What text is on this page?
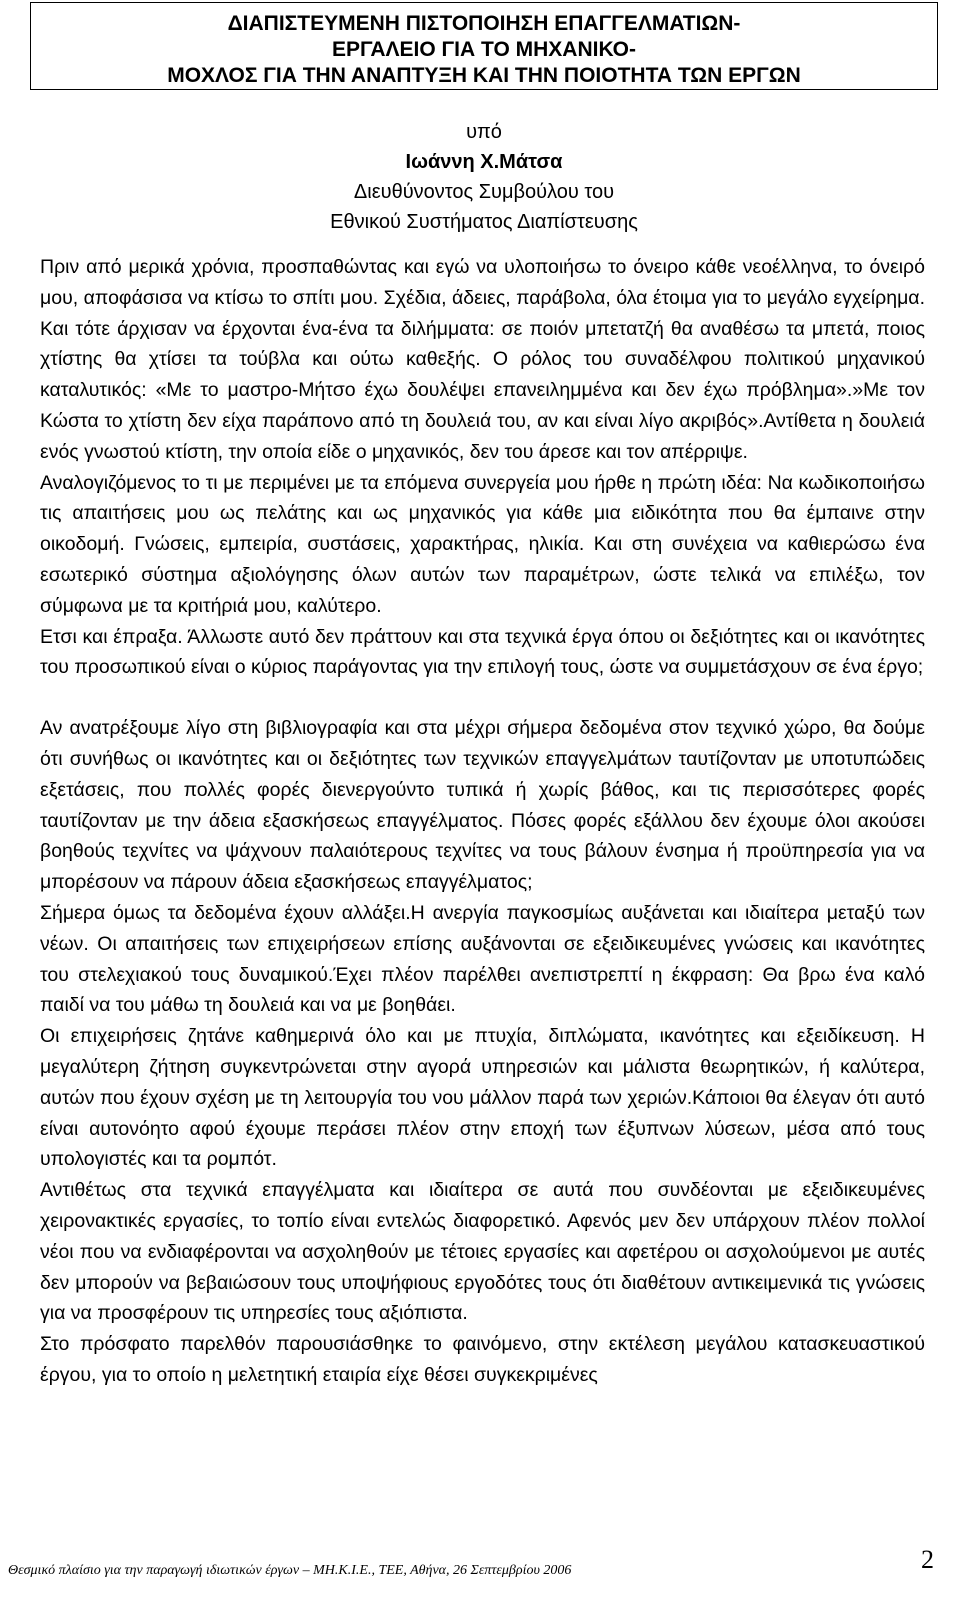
ΔΙΑΠΙΣΤΕΥΜΕΝΗ ΠΙΣΤΟΠΟΙΗΣΗ ΕΠΑΓΓΕΛΜΑΤΙΩΝ-
ΕΡΓΑΛΕΙΟ ΓΙΑ ΤΟ ΜΗΧΑΝΙΚΟ-
ΜΟΧΛΟΣ ΓΙΑ ΤΗΝ ΑΝΑΠΤΥΞΗ ΚΑΙ ΤΗΝ ΠΟΙΟΤΗΤΑ ΤΩΝ ΕΡΓΩΝ
υπό
Ιωάννη Χ.Μάτσα
Διευθύνοντος Συμβούλου του
Εθνικού Συστήματος Διαπίστευσης

Πριν από μερικά χρόνια, προσπαθώντας και εγώ να υλοποιήσω το όνειρο κάθε νεοέλληνα, το όνειρό μου, αποφάσισα να κτίσω το σπίτι μου. Σχέδια, άδειες, παράβολα, όλα έτοιμα για το μεγάλο εγχείρημα. Και τότε άρχισαν να έρχονται ένα-ένα τα διλήμματα: σε ποιόν μπετατζή θα αναθέσω τα μπετά, ποιος χτίστης θα χτίσει τα τούβλα και ούτω καθεξής. Ο ρόλος του συναδέλφου πολιτικού μηχανικού καταλυτικός: «Με το μαστρο-Μήτσο έχω δουλέψει επανειλημμένα και δεν έχω πρόβλημα».»Με τον Κώστα το χτίστη δεν είχα παράπονο από τη δουλειά του, αν και είναι λίγο ακριβός».Αντίθετα η δουλειά ενός γνωστού κτίστη, την οποία είδε ο μηχανικός, δεν του άρεσε και τον απέρριψε.

Αναλογιζόμενος το τι με περιμένει με τα επόμενα συνεργεία μου ήρθε η πρώτη ιδέα: Να κωδικοποιήσω τις απαιτήσεις μου ως πελάτης και ως μηχανικός για κάθε μια ειδικότητα που θα έμπαινε στην οικοδομή. Γνώσεις, εμπειρία, συστάσεις, χαρακτήρας, ηλικία. Και στη συνέχεια να καθιερώσω ένα εσωτερικό σύστημα αξιολόγησης όλων αυτών των παραμέτρων, ώστε τελικά να επιλέξω, τον σύμφωνα με τα κριτήριά μου, καλύτερο.

Ετσι και έπραξα. Άλλωστε αυτό δεν πράττουν και στα τεχνικά έργα όπου οι δεξιότητες και οι ικανότητες του προσωπικού είναι ο κύριος παράγοντας για την επιλογή τους, ώστε να συμμετάσχουν σε ένα έργο;

Αν ανατρέξουμε λίγο στη βιβλιογραφία και στα μέχρι σήμερα δεδομένα στον τεχνικό χώρο, θα δούμε ότι συνήθως οι ικανότητες και οι δεξιότητες των τεχνικών επαγγελμάτων ταυτίζονταν με υποτυπώδεις εξετάσεις, που πολλές φορές διενεργούντο τυπικά ή χωρίς βάθος, και τις περισσότερες φορές ταυτίζονταν με την άδεια εξασκήσεως επαγγέλματος. Πόσες φορές εξάλλου δεν έχουμε όλοι ακούσει βοηθούς τεχνίτες να ψάχνουν παλαιότερους τεχνίτες να τους βάλουν ένσημα ή προϋπηρεσία για να μπορέσουν να πάρουν άδεια εξασκήσεως επαγγέλματος;

Σήμερα όμως τα δεδομένα έχουν αλλάξει.Η ανεργία παγκοσμίως αυξάνεται και ιδιαίτερα μεταξύ των νέων. Οι απαιτήσεις των επιχειρήσεων επίσης αυξάνονται σε εξειδικευμένες γνώσεις και ικανότητες του στελεχιακού τους δυναμικού.Έχει πλέον παρέλθει ανεπιστρεπτί η έκφραση: Θα βρω ένα καλό παιδί να του μάθω τη δουλειά και να με βοηθάει.

Οι επιχειρήσεις ζητάνε καθημερινά όλο και με πτυχία, διπλώματα, ικανότητες και εξειδίκευση. Η μεγαλύτερη ζήτηση συγκεντρώνεται στην αγορά υπηρεσιών και μάλιστα θεωρητικών, ή καλύτερα, αυτών που έχουν σχέση με τη λειτουργία του νου μάλλον παρά των χεριών.Κάποιοι θα έλεγαν ότι αυτό είναι αυτονόητο αφού έχουμε περάσει πλέον στην εποχή των έξυπνων λύσεων, μέσα από τους υπολογιστές και τα ρομπότ.

Αντιθέτως στα τεχνικά επαγγέλματα και ιδιαίτερα σε αυτά που συνδέονται με εξειδικευμένες χειρονακτικές εργασίες, το τοπίο είναι εντελώς διαφορετικό. Αφενός μεν δεν υπάρχουν πλέον πολλοί νέοι που να ενδιαφέρονται να ασχοληθούν με τέτοιες εργασίες και αφετέρου οι ασχολούμενοι με αυτές δεν μπορούν να βεβαιώσουν τους υποψήφιους εργοδότες τους ότι διαθέτουν αντικειμενικά τις γνώσεις για να προσφέρουν τις υπηρεσίες τους αξιόπιστα.

Στο πρόσφατο παρελθόν παρουσιάσθηκε το φαινόμενο, στην εκτέλεση μεγάλου κατασκευαστικού έργου, για το οποίο η μελετητική εταιρία είχε θέσει συγκεκριμένες

Θεσμικό πλαίσιο για την παραγωγή ιδιωτικών έργων – ΜΗ.Κ.Ι.Ε., ΤΕΕ, Αθήνα, 26 Σεπτεμβρίου 2006	2
